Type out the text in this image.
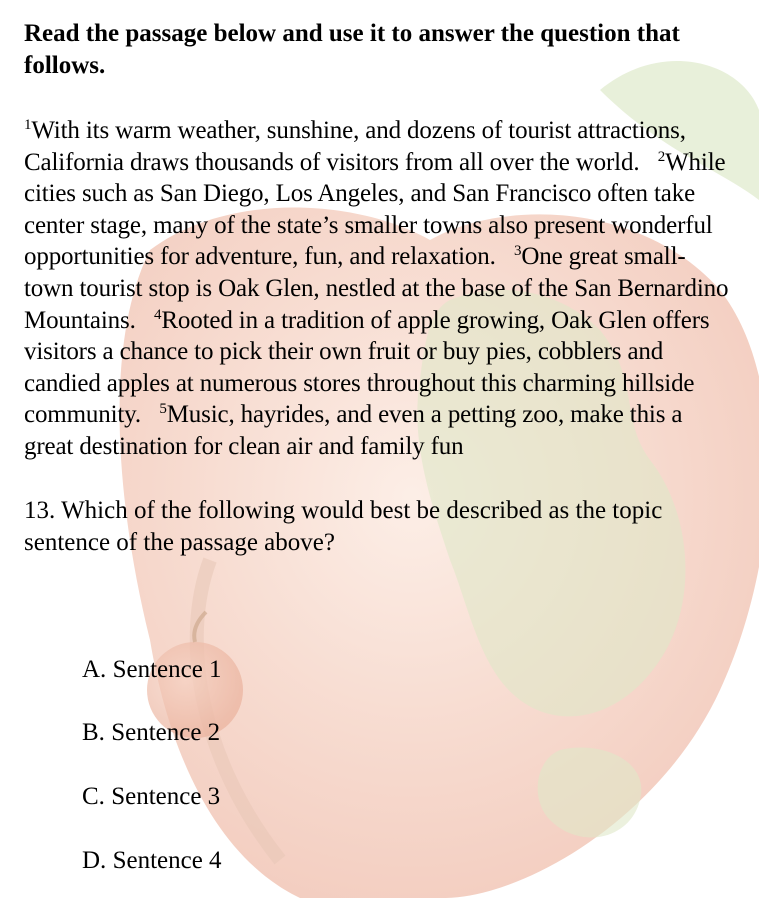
Read the passage below and use it to answer the question that follows.

$^1$With its warm weather, sunshine, and dozens of tourist attractions, California draws thousands of visitors from all over the world. $^2$While cities such as San Diego, Los Angeles, and San Francisco often take center stage, many of the state’s smaller towns also present wonderful opportunities for adventure, fun, and relaxation. $^3$One great small-town tourist stop is Oak Glen, nestled at the base of the San Bernardino Mountains. $^4$Rooted in a tradition of apple growing, Oak Glen offers visitors a chance to pick their own fruit or buy pies, cobblers and candied apples at numerous stores throughout this charming hillside community. $^5$Music, hayrides, and even a petting zoo, make this a great destination for clean air and family fun

13. Which of the following would best be described as the topic sentence of the passage above?

A. Sentence 1
B. Sentence 2
C. Sentence 3
D. Sentence 4
